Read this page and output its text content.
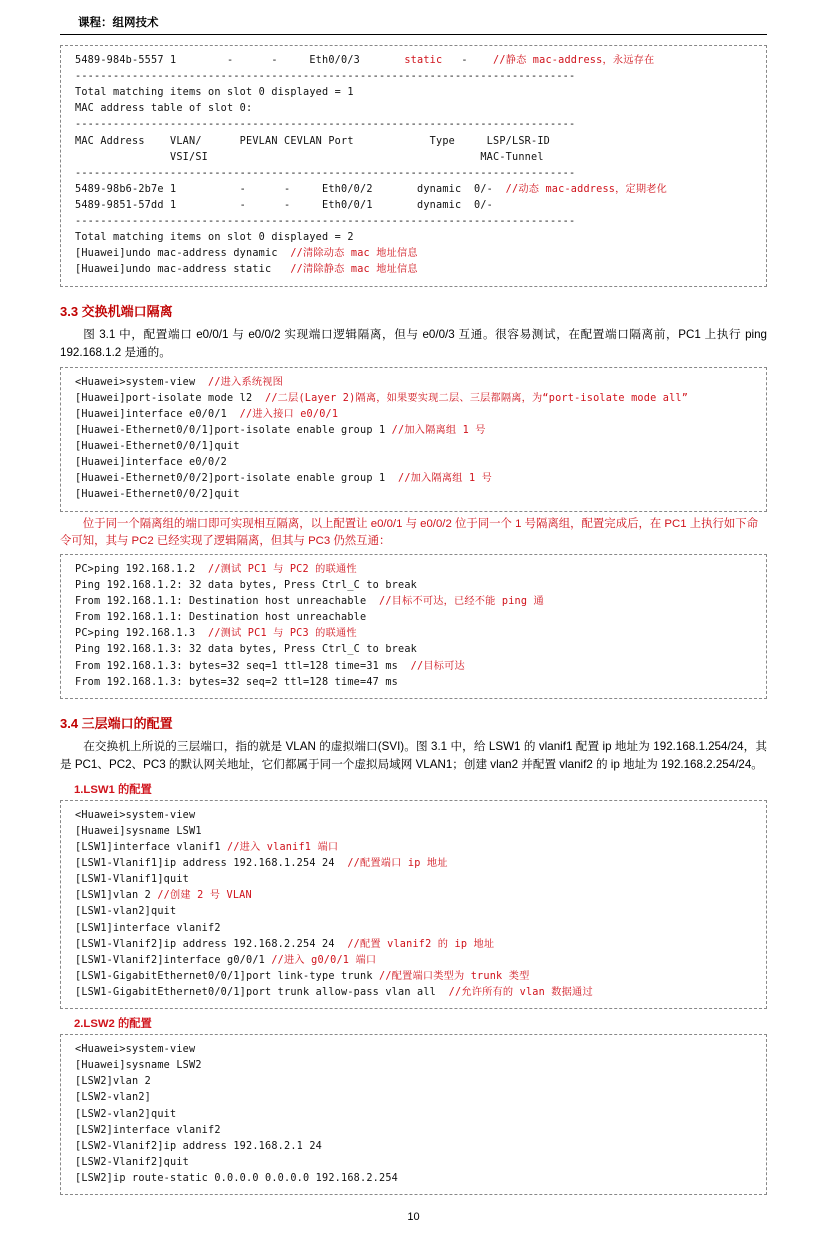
课程：组网技术
5489-984b-5557 1        -      -     Eth0/0/3       static   -    //静态 mac-address，永远存在
-------------------------------------------------------------------------------
Total matching items on slot 0 displayed = 1
MAC address table of slot 0:
-------------------------------------------------------------------------------
MAC Address    VLAN/      PEVLAN CEVLAN Port            Type     LSP/LSR-ID
VSI/SI                                           MAC-Tunnel
-------------------------------------------------------------------------------
5489-98b6-2b7e 1          -      -     Eth0/0/2       dynamic  0/-  //动态 mac-address，定期老化
5489-9851-57dd 1          -      -     Eth0/0/1       dynamic  0/-
-------------------------------------------------------------------------------
Total matching items on slot 0 displayed = 2
[Huawei]undo mac-address dynamic  //清除动态 mac 地址信息
[Huawei]undo mac-address static   //清除静态 mac 地址信息
3.3 交换机端口隔离

图 3.1 中，配置端口 e0/0/1 与 e0/0/2 实现端口逻辑隔离，但与 e0/0/3 互通。很容易测试，在配置端口隔离前，PC1 上执行 ping 192.168.1.2 是通的。

<Huawei>system-view  //进入系统视图
[Huawei]port-isolate mode l2  //二层(Layer 2)隔离，如果要实现二层、三层都隔离，为“port-isolate mode all”
[Huawei]interface e0/0/1  //进入接口 e0/0/1
[Huawei-Ethernet0/0/1]port-isolate enable group 1 //加入隔离组 1 号
[Huawei-Ethernet0/0/1]quit
[Huawei]interface e0/0/2
[Huawei-Ethernet0/0/2]port-isolate enable group 1  //加入隔离组 1 号
[Huawei-Ethernet0/0/2]quit

位于同一个隔离组的端口即可实现相互隔离，以上配置让 e0/0/1 与 e0/0/2 位于同一个 1 号隔离组，配置完成后，在 PC1 上执行如下命令可知，其与 PC2 已经实现了逻辑隔离，但其与 PC3 仍然互通：

PC>ping 192.168.1.2  //测试 PC1 与 PC2 的联通性
Ping 192.168.1.2: 32 data bytes, Press Ctrl_C to break
From 192.168.1.1: Destination host unreachable  //目标不可达，已经不能 ping 通
From 192.168.1.1: Destination host unreachable
PC>ping 192.168.1.3  //测试 PC1 与 PC3 的联通性
Ping 192.168.1.3: 32 data bytes, Press Ctrl_C to break
From 192.168.1.3: bytes=32 seq=1 ttl=128 time=31 ms  //目标可达
From 192.168.1.3: bytes=32 seq=2 ttl=128 time=47 ms
3.4 三层端口的配置

在交换机上所说的三层端口，指的就是 VLAN 的虚拟端口(SVI)。图 3.1 中，给 LSW1 的 vlanif1 配置 ip 地址为 192.168.1.254/24，其是 PC1、PC2、PC3 的默认网关地址，它们都属于同一个虚拟局域网 VLAN1；创建 vlan2 并配置 vlanif2 的 ip 地址为 192.168.2.254/24。

1.LSW1 的配置
<Huawei>system-view
[Huawei]sysname LSW1
[LSW1]interface vlanif1 //进入 vlanif1 端口
[LSW1-Vlanif1]ip address 192.168.1.254 24  //配置端口 ip 地址
[LSW1-Vlanif1]quit
[LSW1]vlan 2 //创建 2 号 VLAN
[LSW1-vlan2]quit
[LSW1]interface vlanif2
[LSW1-Vlanif2]ip address 192.168.2.254 24  //配置 vlanif2 的 ip 地址
[LSW1-Vlanif2]interface g0/0/1 //进入 g0/0/1 端口
[LSW1-GigabitEthernet0/0/1]port link-type trunk //配置端口类型为 trunk 类型
[LSW1-GigabitEthernet0/0/1]port trunk allow-pass vlan all  //允许所有的 vlan 数据通过
2.LSW2 的配置
<Huawei>system-view
[Huawei]sysname LSW2
[LSW2]vlan 2
[LSW2-vlan2]
[LSW2-vlan2]quit
[LSW2]interface vlanif2
[LSW2-Vlanif2]ip address 192.168.2.1 24
[LSW2-Vlanif2]quit
[LSW2]ip route-static 0.0.0.0 0.0.0.0 192.168.2.254
10
